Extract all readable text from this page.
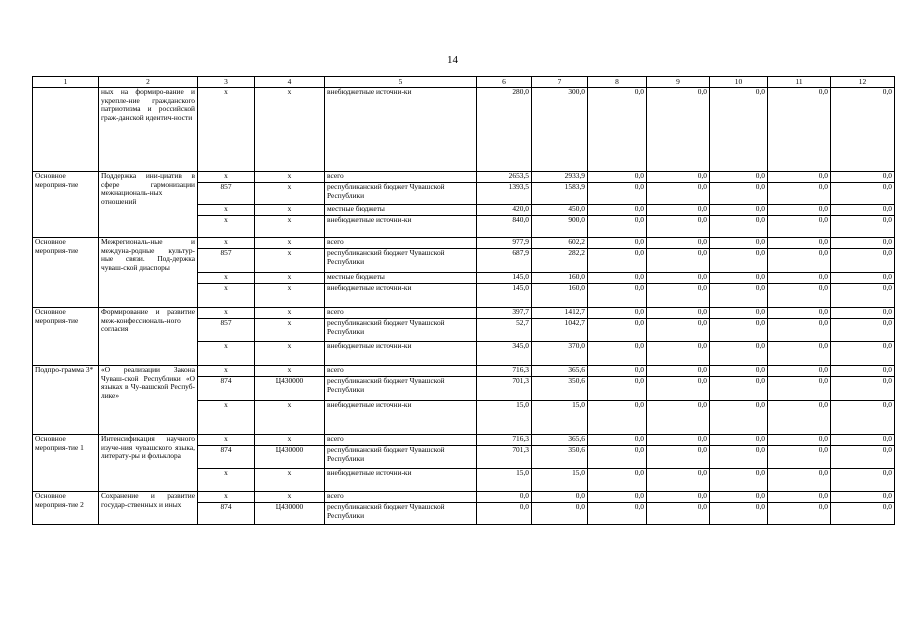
14
1	2	3	4	5	6	7	8	9	10	11	12
	ных на формиро-вание и укрепле-ние гражданского патриотизма и российской граж-данской идентич-ности	x	x	внебюджетные источни-ки	280,0	300,0	0,0	0,0	0,0	0,0	0,0
Основное мероприя-тие	Поддержка ини-циатив в сфере гармонизации межнациональ-ных отношений	x	x	всего	2653,5	2933,9	0,0	0,0	0,0	0,0	0,0
		857	x	республиканский бюджет Чувашской Республики	1393,5	1583,9	0,0	0,0	0,0	0,0	0,0
		x	x	местные бюджеты	420,0	450,0	0,0	0,0	0,0	0,0	0,0
		x	x	внебюджетные источни-ки	840,0	900,0	0,0	0,0	0,0	0,0	0,0
Основное мероприя-тие	Межрегиональ-ные и междуна-родные культур-ные связи. Под-держка чуваш-ской диаспоры	x	x	всего	977,9	602,2	0,0	0,0	0,0	0,0	0,0
		857	x	республиканский бюджет Чувашской Республики	687,9	282,2	0,0	0,0	0,0	0,0	0,0
		x	x	местные бюджеты	145,0	160,0	0,0	0,0	0,0	0,0	0,0
		x	x	внебюджетные источни-ки	145,0	160,0	0,0	0,0	0,0	0,0	0,0
Основное мероприя-тие	Формирование и развитие меж-конфессиональ-ного согласия	x	x	всего	397,7	1412,7	0,0	0,0	0,0	0,0	0,0
		857	x	республиканский бюджет Чувашской Республики	52,7	1042,7	0,0	0,0	0,0	0,0	0,0
		x	x	внебюджетные источни-ки	345,0	370,0	0,0	0,0	0,0	0,0	0,0
Подпро-грамма 3*	«О реализации Закона Чуваш-ской Республики «О языках в Чу-вашской Респуб-лике»	x	x	всего	716,3	365,6	0,0	0,0	0,0	0,0	0,0
		874	Ц430000	республиканский бюджет Чувашской Республики	701,3	350,6	0,0	0,0	0,0	0,0	0,0
		x	x	внебюджетные источни-ки	15,0	15,0	0,0	0,0	0,0	0,0	0,0
Основное мероприя-тие 1	Интенсификация научного изуче-ния чувашского языка, литерату-ры и фольклора	x	x	всего	716,3	365,6	0,0	0,0	0,0	0,0	0,0
		874	Ц430000	республиканский бюджет Чувашской Республики	701,3	350,6	0,0	0,0	0,0	0,0	0,0
		x	x	внебюджетные источни-ки	15,0	15,0	0,0	0,0	0,0	0,0	0,0
Основное мероприя-тие 2	Сохранение и развитие государ-ственных и иных	x	x	всего	0,0	0,0	0,0	0,0	0,0	0,0	0,0
		874	Ц430000	республиканский бюджет Чувашской Республики	0,0	0,0	0,0	0,0	0,0	0,0	0,0
